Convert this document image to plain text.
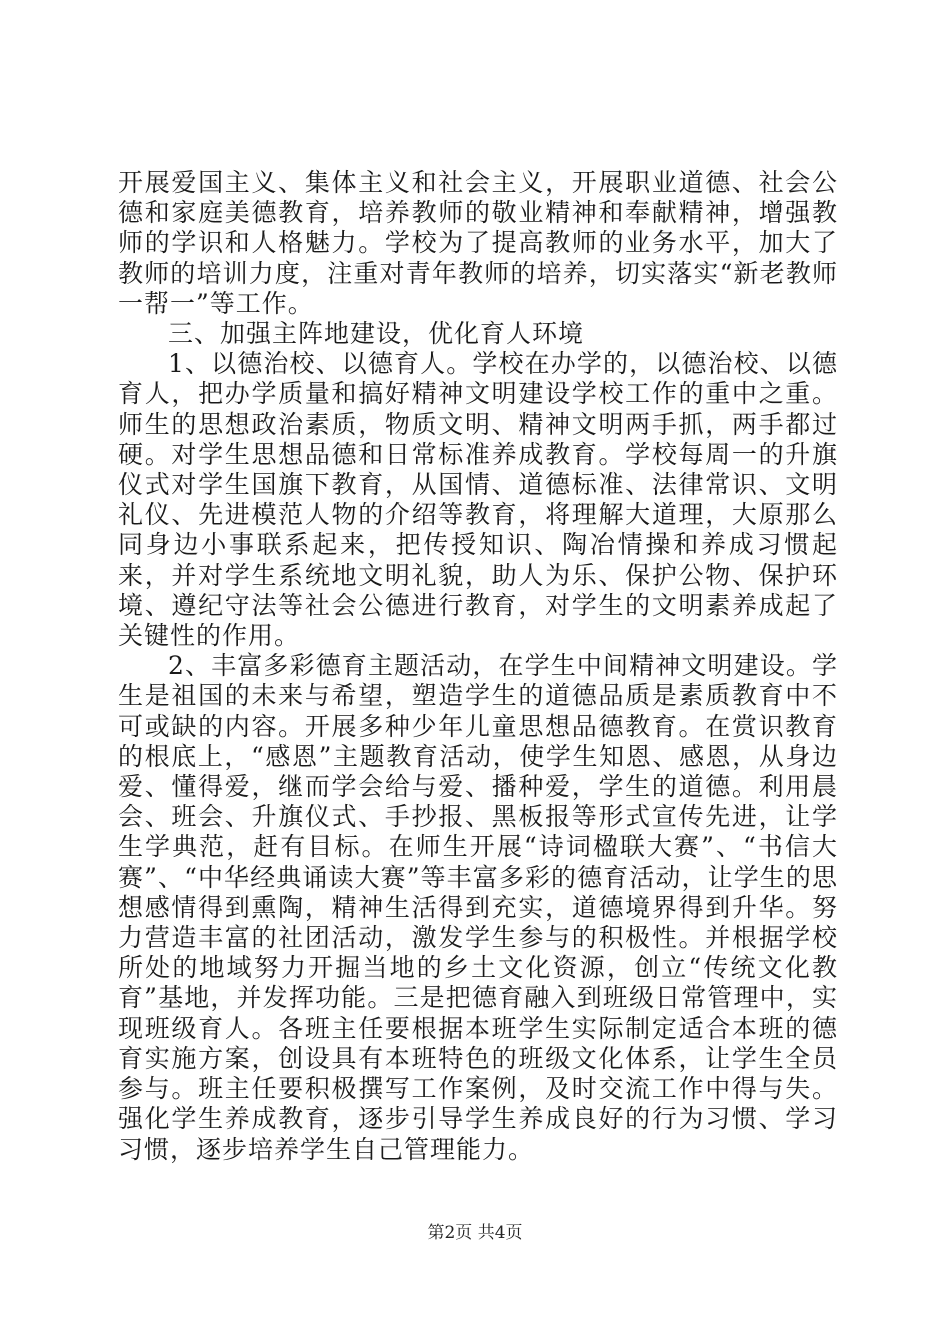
开展爱国主义、集体主义和社会主义，开展职业道德、社会公德和家庭美德教育，培养教师的敬业精神和奉献精神，增强教师的学识和人格魅力。学校为了提高教师的业务水平，加大了教师的培训力度，注重对青年教师的培养，切实落实“新老教师一帮一”等工作。

三、加强主阵地建设，优化育人环境

1、以德治校、以德育人。学校在办学的，以德治校、以德育人，把办学质量和搞好精神文明建设学校工作的重中之重。师生的思想政治素质，物质文明、精神文明两手抓，两手都过硬。对学生思想品德和日常标准养成教育。学校每周一的升旗仪式对学生国旗下教育，从国情、道德标准、法律常识、文明礼仪、先进模范人物的介绍等教育，将理解大道理，大原那么同身边小事联系起来，把传授知识、陶冶情操和养成习惯起来，并对学生系统地文明礼貌，助人为乐、保护公物、保护环境、遵纪守法等社会公德进行教育，对学生的文明素养成起了关键性的作用。

2、丰富多彩德育主题活动，在学生中间精神文明建设。学生是祖国的未来与希望，塑造学生的道德品质是素质教育中不可或缺的内容。开展多种少年儿童思想品德教育。在赏识教育的根底上，“感恩”主题教育活动，使学生知恩、感恩，从身边爱、懂得爱，继而学会给与爱、播种爱，学生的道德。利用晨会、班会、升旗仪式、手抄报、黑板报等形式宣传先进，让学生学典范，赶有目标。在师生开展“诗词楹联大赛”、“书信大赛”、“中华经典诵读大赛”等丰富多彩的德育活动，让学生的思想感情得到熏陶，精神生活得到充实，道德境界得到升华。努力营造丰富的社团活动，激发学生参与的积极性。并根据学校所处的地域努力开掘当地的乡土文化资源，创立“传统文化教育”基地，并发挥功能。三是把德育融入到班级日常管理中，实现班级育人。各班主任要根据本班学生实际制定适合本班的德育实施方案，创设具有本班特色的班级文化体系，让学生全员参与。班主任要积极撰写工作案例，及时交流工作中得与失。强化学生养成教育，逐步引导学生养成良好的行为习惯、学习习惯，逐步培养学生自己管理能力。

第2页 共4页
